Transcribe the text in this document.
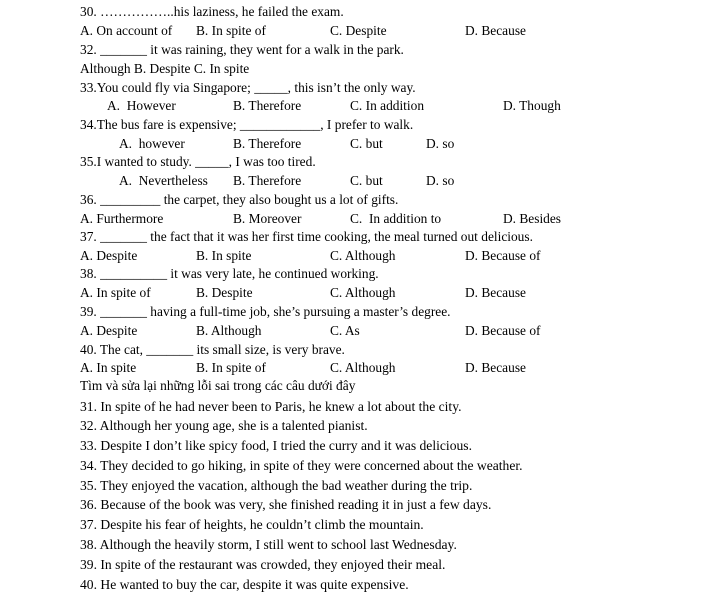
30. ……………..his laziness, he failed the exam.
A. On account of B. In spite of	C. Despite	D. Because
32. _______ it was raining, they went for a walk in the park.
Although B. Despite C. In spite
33.You could fly via Singapore; _____, this isn’t the only way.
A.  However	B. Therefore	C. In addition	D. Though
34.The bus fare is expensive; ____________, I prefer to walk.
A.  however	B. Therefore	C. but	D. so
35.I wanted to study. _____, I was too tired.
A.  Nevertheless B. Therefore	C. but	D. so
36. _________ the carpet, they also bought us a lot of gifts.
A. Furthermore	B. Moreover	C.  In addition to	D. Besides
37. _______ the fact that it was her first time cooking, the meal turned out delicious.
A. Despite	B. In spite	C. Although	D. Because of
38. __________ it was very late, he continued working.
A. In spite of	B. Despite	C. Although	D. Because
39. _______ having a full-time job, she’s pursuing a master’s degree.
A. Despite	B. Although	C. As	D. Because of
40. The cat, _______ its small size, is very brave.
A. In spite	B. In spite of	C. Although	D. Because
Tìm và sửa lại những lỗi sai trong các câu dưới đây
31. In spite of he had never been to Paris, he knew a lot about the city.
32. Although her young age, she is a talented pianist.
33. Despite I don’t like spicy food, I tried the curry and it was delicious.
34. They decided to go hiking, in spite of they were concerned about the weather.
35. They enjoyed the vacation, although the bad weather during the trip.
36. Because of the book was very, she finished reading it in just a few days.
37. Despite his fear of heights, he couldn’t climb the mountain.
38. Although the heavily storm, I still went to school last Wednesday.
39. In spite of the restaurant was crowded, they enjoyed their meal.
40. He wanted to buy the car, despite it was quite expensive.
